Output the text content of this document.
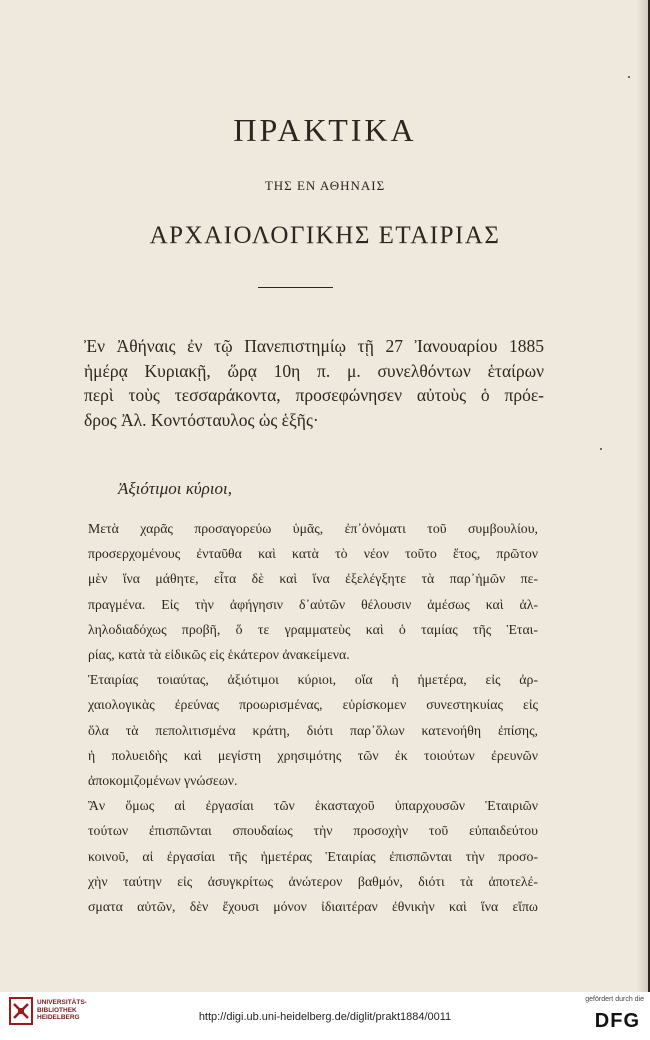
ΠΡΑΚΤΙΚΑ
ΤΗΣ ΕΝ ΑΘΗΝΑΙΣ
ΑΡΧΑΙΟΛΟΓΙΚΗΣ ΕΤΑΙΡΙΑΣ

Ἐν Ἀθήναις ἐν τῷ Πανεπιστημίῳ τῇ 27 Ἰανουαρίου 1885
ἡμέρᾳ Κυριακῇ, ὥρᾳ 10η π. μ. συνελθόντων ἑταίρων
περὶ τοὺς τεσσαράκοντα, προσεφώνησεν αὐτοὺς ὁ πρόε-
δρος Ἀλ. Κοντόσταυλος ὡς ἑξῆς·

Ἀξιότιμοι κύριοι,

Μετὰ χαρᾶς προσαγορεύω ὑμᾶς, ἐπ᾽ὀνόματι τοῦ συμβουλίου,
προσερχομένους ἐνταῦθα καὶ κατὰ τὸ νέον τοῦτο ἔτος, πρῶτον
μὲν ἵνα μάθητε, εἶτα δὲ καὶ ἵνα ἐξελέγξητε τὰ παρ᾽ἡμῶν πε-
πραγμένα. Εἰς τὴν ἀφήγησιν δ᾽αὐτῶν θέλουσιν ἀμέσως καὶ ἀλ-
ληλοδιαδόχως προβῆ, ὅ τε γραμματεὺς καὶ ὁ ταμίας τῆς Ἑται-
ρίας, κατὰ τὰ εἰδικῶς εἰς ἑκάτερον ἀνακείμενα.
Ἑταιρίας τοιαύτας, ἀξιότιμοι κύριοι, οἵα ἡ ἡμετέρα, εἰς ἀρ-
χαιολογικὰς ἐρεύνας προωρισμένας, εὑρίσκομεν συνεστηκυίας εἰς
ὅλα τὰ πεπολιτισμένα κράτη, διότι παρ᾽ὅλων κατενοήθη ἐπίσης,
ἡ πολυειδὴς καὶ μεγίστη χρησιμότης τῶν ἐκ τοιούτων ἐρευνῶν
ἀποκομιζομένων γνώσεων.
Ἂν ὅμως αἱ ἐργασίαι τῶν ἑκασταχοῦ ὑπαρχουσῶν Ἑταιριῶν
τούτων ἐπισπῶνται σπουδαίως τὴν προσοχὴν τοῦ εὐπαιδεύτου
κοινοῦ, αἱ ἐργασίαι τῆς ἡμετέρας Ἑταιρίας ἐπισπῶνται τὴν προσο-
χὴν ταύτην εἰς ἀσυγκρίτως ἀνώτερον βαθμόν, διότι τὰ ἀποτελέ-
σματα αὐτῶν, δὲν ἔχουσι μόνον ἰδιαιτέραν ἐθνικὴν καὶ ἵνα εἴπω

UNIVERSITÄTS-
BIBLIOTHEK
HEIDELBERG	http://digi.ub.uni-heidelberg.de/diglit/prakt1884/0011
gefördert durch die
DFG
